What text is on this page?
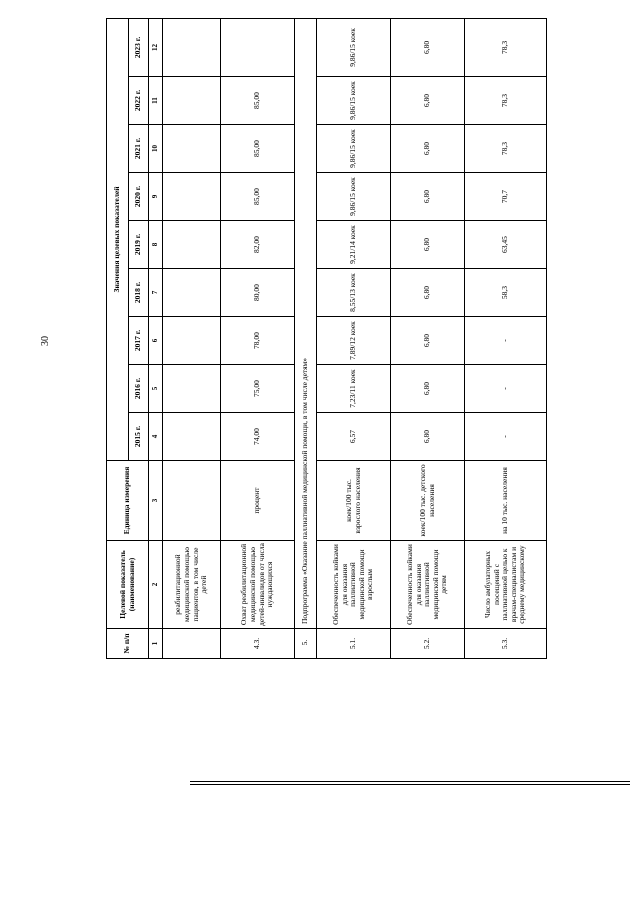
30
№ п/п	Целевой показатель (наименование)	Единица измерения	Значения целевых показателей								
			2015 г.	2016 г.	2017 г.	2018 г.	2019 г.	2020 г.	2021 г.	2022 г.	2023 г.
1	2	3	4	5	6	7	8	9	10	11	12
	реабилитационной медицинской помощью пациентов, в том числе детей										
4.3.	Охват реабилитационной медицинской помощью детей-инвалидов от числа нуждающихся	процент	74,00	75,00	78,00	80,00	82,00	85,00	85,00	85,00	
5.	Подпрограмма «Оказание паллиативной медицинской помощи, в том числе детям»										
5.1.	Обеспеченность койками для оказания паллиативной медицинской помощи взрослым	коек/100 тыс. взрослого населения	6,57	7,23/11 коек	7,89/12 коек	8,55/13 коек	9,21/14 коек	9,86/15 коек	9,86/15 коек	9,86/15 коек	9,86/15 коек
5.2.	Обеспеченность койками для оказания паллиативной медицинской помощи детям	коек/100 тыс. детского населения	6,80	6,80	6,80	6,80	6,80	6,80	6,80	6,80	6,80
5.3.	Число амбулаторных посещений с паллиативной целью к врачам-специалистам и среднему медицинскому	на 10 тыс. населения	-	-	-	58,3	63,45	70,7	78,3	78,3	78,3
